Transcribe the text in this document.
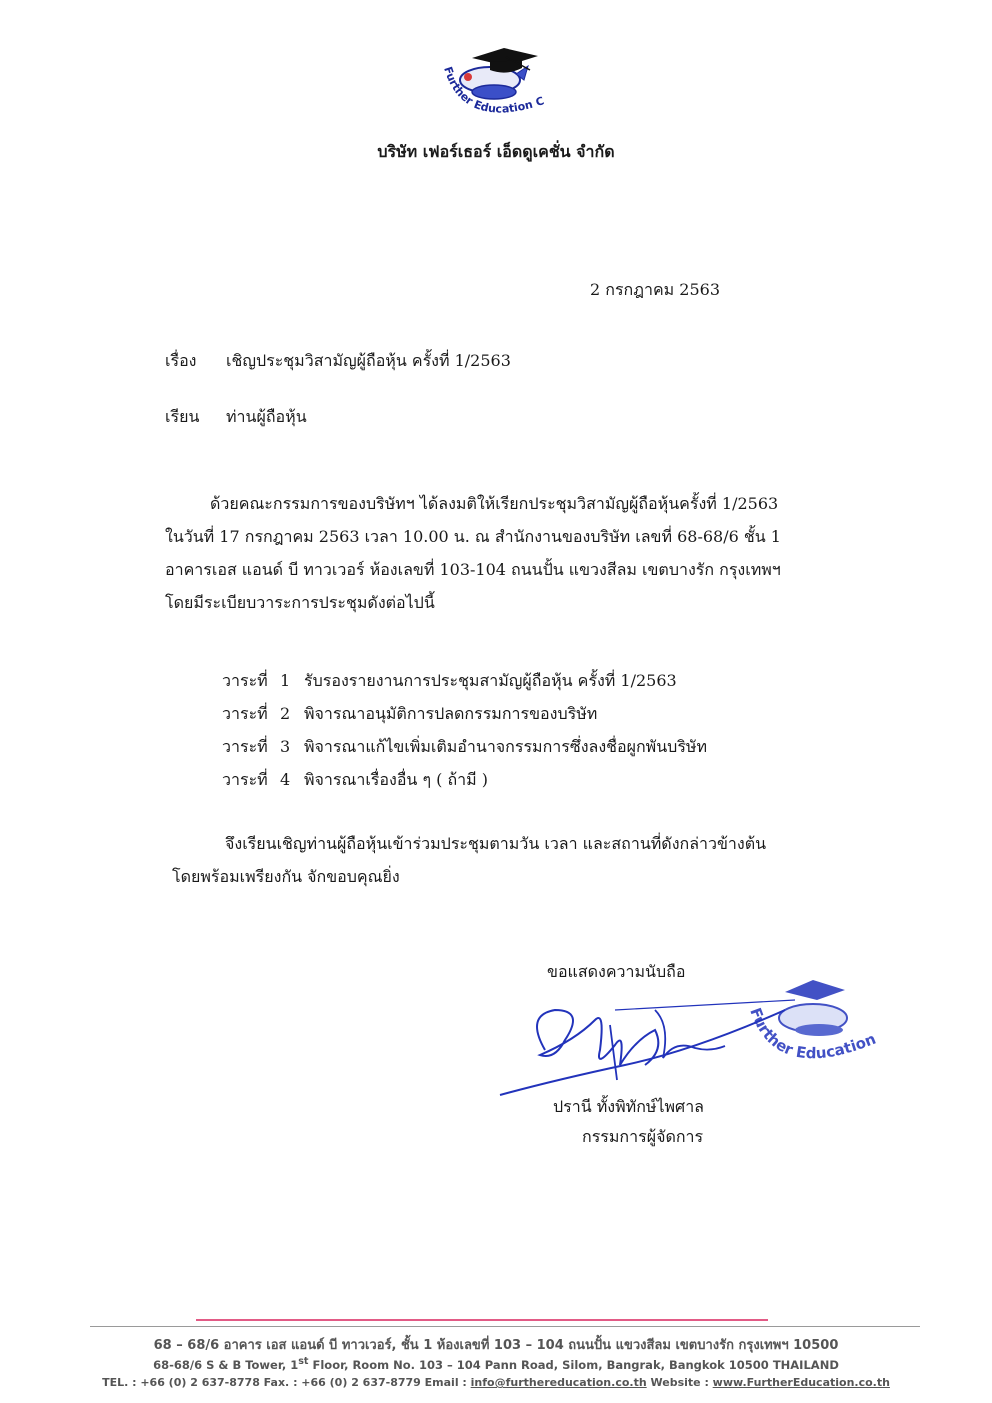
Further Education C
บริษัท เฟอร์เธอร์ เอ็ดดูเคชั่น จำกัด
2 กรกฎาคม 2563
เรื่อง เชิญประชุมวิสามัญผู้ถือหุ้น ครั้งที่ 1/2563
เรียน ท่านผู้ถือหุ้น
ด้วยคณะกรรมการของบริษัทฯ ได้ลงมติให้เรียกประชุมวิสามัญผู้ถือหุ้นครั้งที่ 1/2563
ในวันที่ 17 กรกฎาคม 2563 เวลา 10.00 น. ณ สำนักงานของบริษัท เลขที่ 68-68/6 ชั้น 1
อาคารเอส แอนด์ บี ทาวเวอร์ ห้องเลขที่ 103-104 ถนนปั้น แขวงสีลม เขตบางรัก กรุงเทพฯ
โดยมีระเบียบวาระการประชุมดังต่อไปนี้
วาระที่ 1 รับรองรายงานการประชุมสามัญผู้ถือหุ้น ครั้งที่ 1/2563
วาระที่ 2 พิจารณาอนุมัติการปลดกรรมการของบริษัท
วาระที่ 3 พิจารณาแก้ไขเพิ่มเติมอำนาจกรรมการซึ่งลงชื่อผูกพันบริษัท
วาระที่ 4 พิจารณาเรื่องอื่น ๆ ( ถ้ามี )
จึงเรียนเชิญท่านผู้ถือหุ้นเข้าร่วมประชุมตามวัน เวลา และสถานที่ดังกล่าวข้างต้น
โดยพร้อมเพรียงกัน จักขอบคุณยิ่ง
ขอแสดงความนับถือ
Further Education
ปรานี ทั้งพิทักษ์ไพศาล
กรรมการผู้จัดการ
68 – 68/6 อาคาร เอส แอนด์ บี ทาวเวอร์, ชั้น 1 ห้องเลขที่ 103 – 104 ถนนปั้น แขวงสีลม เขตบางรัก กรุงเทพฯ 10500
68-68/6 S & B Tower, 1st Floor, Room No. 103 – 104 Pann Road, Silom, Bangrak, Bangkok 10500 THAILAND
TEL. : +66 (0) 2 637-8778 Fax. : +66 (0) 2 637-8779 Email : info@furthereducation.co.th Website : www.FurtherEducation.co.th
